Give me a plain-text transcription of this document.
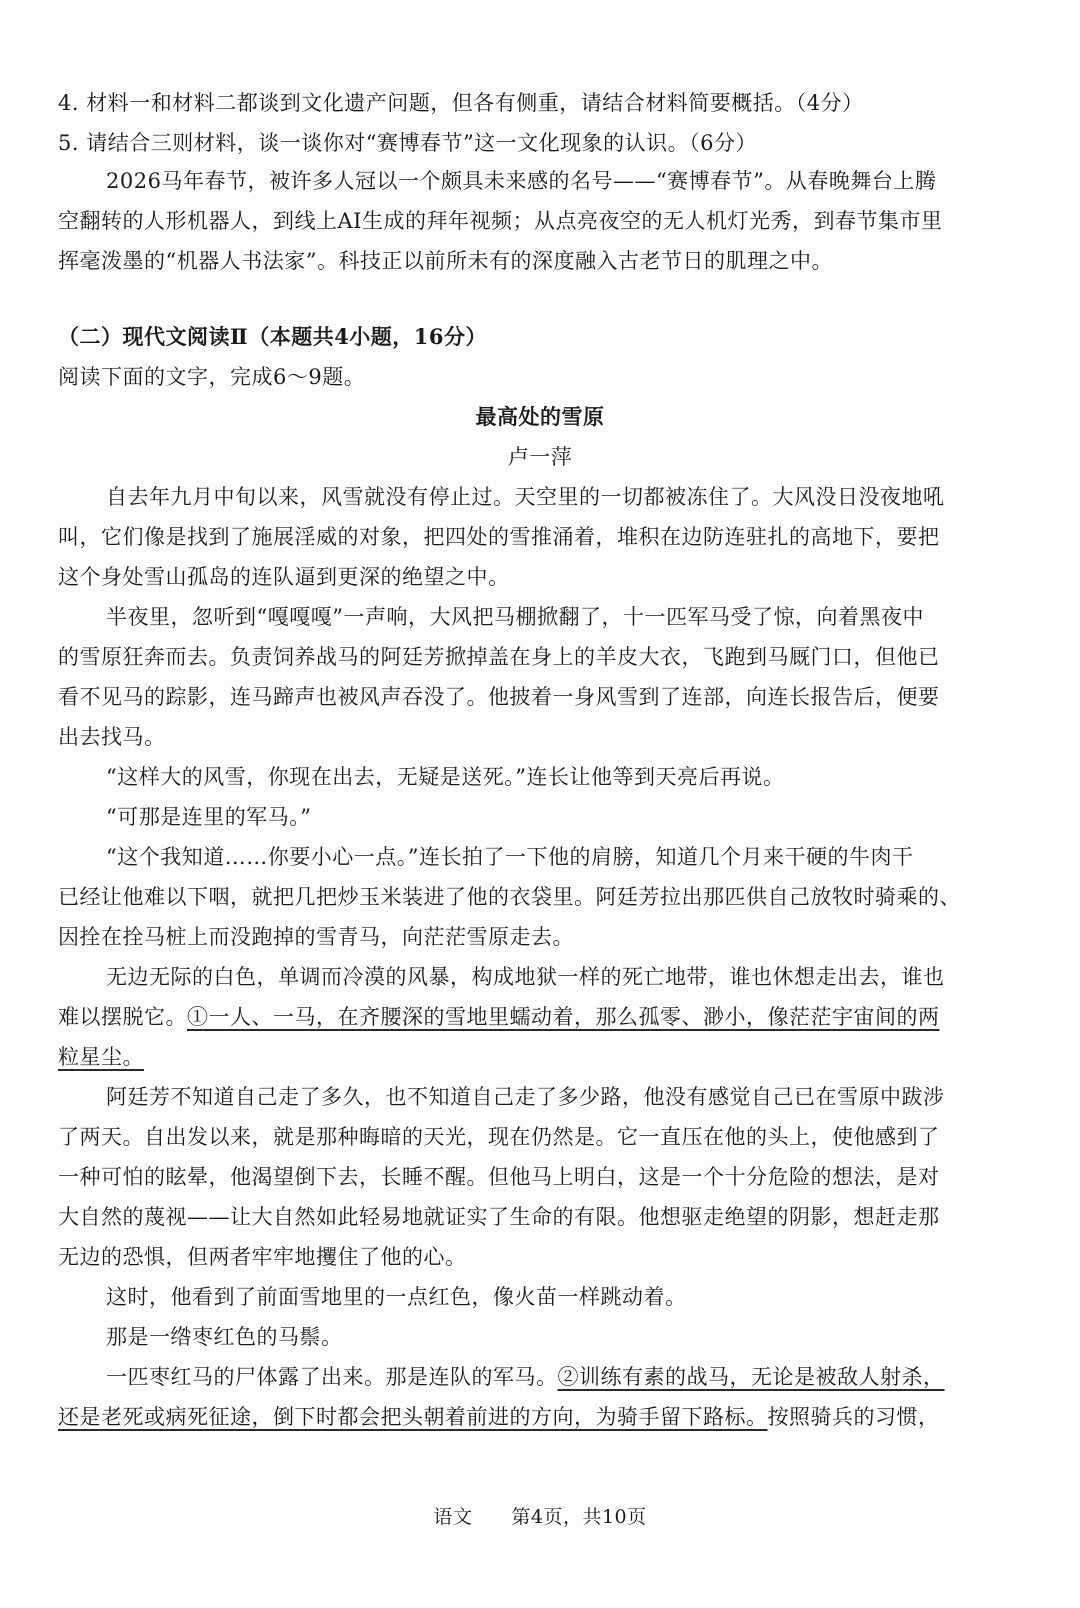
4. 材料一和材料二都谈到文化遗产问题，但各有侧重，请结合材料简要概括。（4分）
5. 请结合三则材料，谈一谈你对“赛博春节”这一文化现象的认识。（6分）
2026马年春节，被许多人冠以一个颇具未来感的名号——“赛博春节”。从春晚舞台上腾
空翻转的人形机器人，到线上AI生成的拜年视频；从点亮夜空的无人机灯光秀，到春节集市里
挥毫泼墨的“机器人书法家”。科技正以前所未有的深度融入古老节日的肌理之中。
（二）现代文阅读Ⅱ（本题共4小题，16分）
阅读下面的文字，完成6～9题。
最高处的雪原
卢一萍
自去年九月中旬以来，风雪就没有停止过。天空里的一切都被冻住了。大风没日没夜地吼
叫，它们像是找到了施展淫威的对象，把四处的雪推涌着，堆积在边防连驻扎的高地下，要把
这个身处雪山孤岛的连队逼到更深的绝望之中。
半夜里，忽听到“嘎嘎嘎”一声响，大风把马棚掀翻了，十一匹军马受了惊，向着黑夜中
的雪原狂奔而去。负责饲养战马的阿廷芳掀掉盖在身上的羊皮大衣，飞跑到马厩门口，但他已
看不见马的踪影，连马蹄声也被风声吞没了。他披着一身风雪到了连部，向连长报告后，便要
出去找马。
“这样大的风雪，你现在出去，无疑是送死。”连长让他等到天亮后再说。
“可那是连里的军马。”
“这个我知道……你要小心一点。”连长拍了一下他的肩膀，知道几个月来干硬的牛肉干
已经让他难以下咽，就把几把炒玉米装进了他的衣袋里。阿廷芳拉出那匹供自己放牧时骑乘的、
因拴在拴马桩上而没跑掉的雪青马，向茫茫雪原走去。
无边无际的白色，单调而冷漠的风暴，构成地狱一样的死亡地带，谁也休想走出去，谁也
难以摆脱它。①一人、一马，在齐腰深的雪地里蠕动着，那么孤零、渺小，像茫茫宇宙间的两
粒星尘。
阿廷芳不知道自己走了多久，也不知道自己走了多少路，他没有感觉自己已在雪原中跋涉
了两天。自出发以来，就是那种晦暗的天光，现在仍然是。它一直压在他的头上，使他感到了
一种可怕的眩晕，他渴望倒下去，长睡不醒。但他马上明白，这是一个十分危险的想法，是对
大自然的蔑视——让大自然如此轻易地就证实了生命的有限。他想驱走绝望的阴影，想赶走那
无边的恐惧，但两者牢牢地攫住了他的心。
这时，他看到了前面雪地里的一点红色，像火苗一样跳动着。
那是一绺枣红色的马鬃。
一匹枣红马的尸体露了出来。那是连队的军马。②训练有素的战马，无论是被敌人射杀，
还是老死或病死征途，倒下时都会把头朝着前进的方向，为骑手留下路标。按照骑兵的习惯，
语文　　第4页，共10页
